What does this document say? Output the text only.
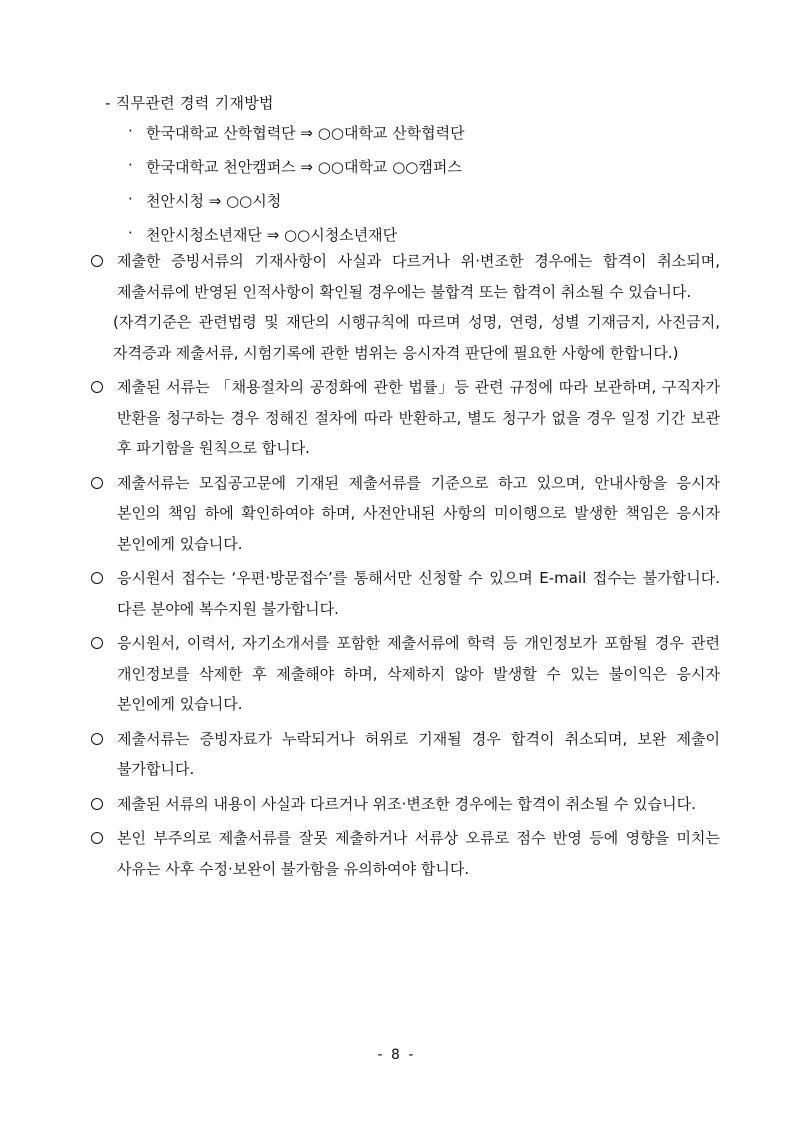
- 직무관련 경력 기재방법
· 한국대학교 산학협력단 ⇒ ○○대학교 산학협력단
· 한국대학교 천안캠퍼스 ⇒ ○○대학교 ○○캠퍼스
· 천안시청 ⇒ ○○시청
· 천안시청소년재단 ⇒ ○○시청소년재단
제출한 증빙서류의 기재사항이 사실과 다르거나 위·변조한 경우에는 합격이 취소되며, 제출서류에 반영된 인적사항이 확인될 경우에는 불합격 또는 합격이 취소될 수 있습니다.
(자격기준은 관련법령 및 재단의 시행규칙에 따르며 성명, 연령, 성별 기재금지, 사진금지, 자격증과 제출서류, 시험기록에 관한 범위는 응시자격 판단에 필요한 사항에 한합니다.)
제출된 서류는 「채용절차의 공정화에 관한 법률」등 관련 규정에 따라 보관하며, 구직자가 반환을 청구하는 경우 정해진 절차에 따라 반환하고, 별도 청구가 없을 경우 일정 기간 보관 후 파기함을 원칙으로 합니다.
제출서류는 모집공고문에 기재된 제출서류를 기준으로 하고 있으며, 안내사항을 응시자 본인의 책임 하에 확인하여야 하며, 사전안내된 사항의 미이행으로 발생한 책임은 응시자 본인에게 있습니다.
응시원서 접수는 ‘우편·방문접수’를 통해서만 신청할 수 있으며 E-mail 접수는 불가합니다. 다른 분야에 복수지원 불가합니다.
응시원서, 이력서, 자기소개서를 포함한 제출서류에 학력 등 개인정보가 포함될 경우 관련 개인정보를 삭제한 후 제출해야 하며, 삭제하지 않아 발생할 수 있는 불이익은 응시자 본인에게 있습니다.
제출서류는 증빙자료가 누락되거나 허위로 기재될 경우 합격이 취소되며, 보완 제출이 불가합니다.
제출된 서류의 내용이 사실과 다르거나 위조·변조한 경우에는 합격이 취소될 수 있습니다.
본인 부주의로 제출서류를 잘못 제출하거나 서류상 오류로 점수 반영 등에 영향을 미치는 사유는 사후 수정·보완이 불가함을 유의하여야 합니다.
- 8 -
